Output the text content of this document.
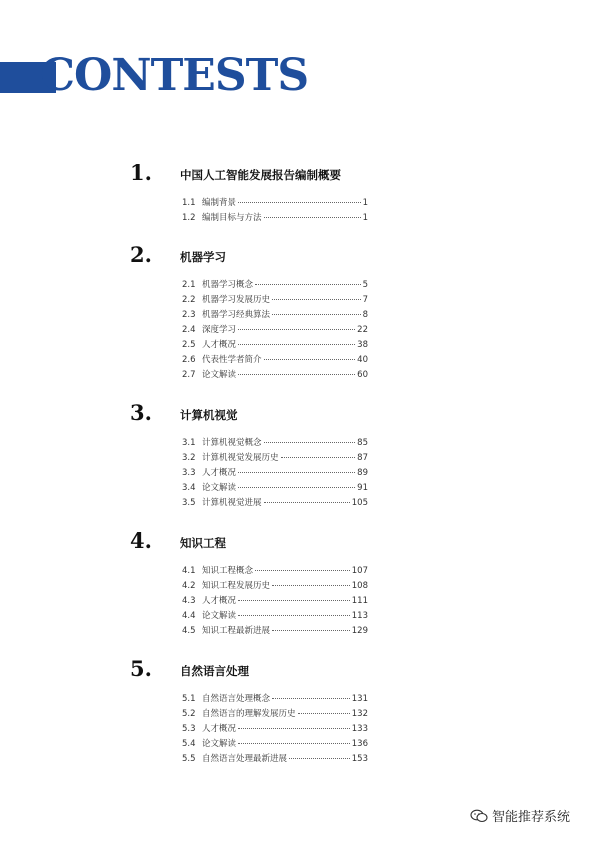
CONTESTS
1. 中国人工智能发展报告编制概要
1.1 编制背景	1
1.2 编制目标与方法	1
2. 机器学习
2.1 机器学习概念	5
2.2 机器学习发展历史	7
2.3 机器学习经典算法	8
2.4 深度学习	22
2.5 人才概况	38
2.6 代表性学者简介	40
2.7 论文解读	60
3. 计算机视觉
3.1 计算机视觉概念	85
3.2 计算机视觉发展历史	87
3.3 人才概况	89
3.4 论文解读	91
3.5 计算机视觉进展	105
4. 知识工程
4.1 知识工程概念	107
4.2 知识工程发展历史	108
4.3 人才概况	111
4.4 论文解读	113
4.5 知识工程最新进展	129
5. 自然语言处理
5.1 自然语言处理概念	131
5.2 自然语言的理解发展历史	132
5.3 人才概况	133
5.4 论文解读	136
5.5 自然语言处理最新进展	153
智能推荐系统
